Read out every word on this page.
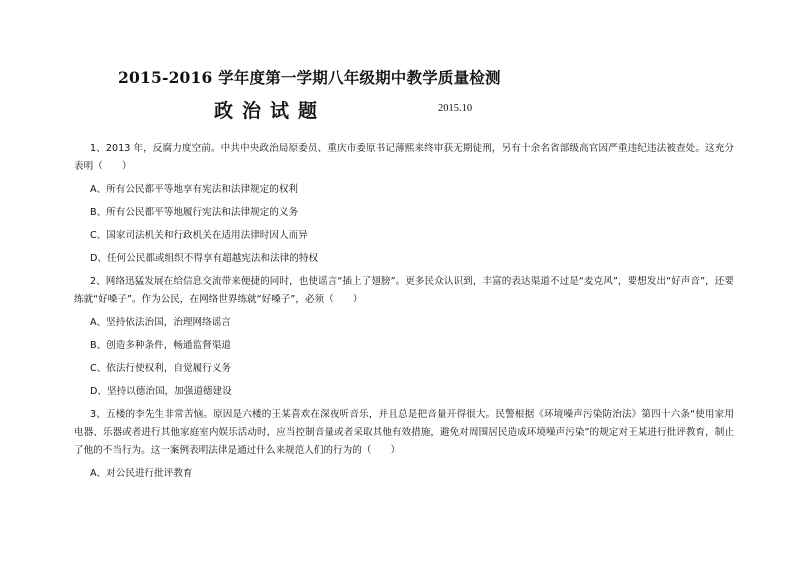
2015-2016 学年度第一学期八年级期中教学质量检测
政治试题	2015.10

1、2013 年，反腐力度空前。中共中央政治局原委员、重庆市委原书记薄熙来终审获无期徒刑，另有十余名省部级高官因严重违纪违法被查处。这充分表明（　　）

A、所有公民都平等地享有宪法和法律规定的权利

B、所有公民都平等地履行宪法和法律规定的义务

C、国家司法机关和行政机关在适用法律时因人而异

D、任何公民都或组织不得享有超越宪法和法律的特权

2、网络迅猛发展在给信息交流带来便捷的同时，也使谣言“插上了翅膀”。更多民众认识到，丰富的表达渠道不过是“麦克风”，要想发出“好声音”，还要练就“好嗓子”。作为公民，在网络世界练就“好嗓子”，必须（　　）

A、坚持依法治国，治理网络谣言

B、创造多种条件，畅通监督渠道

C、依法行使权利，自觉履行义务

D、坚持以德治国，加强道德建设

3、五楼的李先生非常苦恼。原因是六楼的王某喜欢在深夜听音乐，并且总是把音量开得很大。民警根据《环境噪声污染防治法》第四十六条“使用家用电器、乐器或者进行其他家庭室内娱乐活动时，应当控制音量或者采取其他有效措施，避免对周围居民造成环境噪声污染”的规定对王某进行批评教育，制止了他的不当行为。这一案例表明法律是通过什么来规范人们的行为的（　　）

A、对公民进行批评教育
